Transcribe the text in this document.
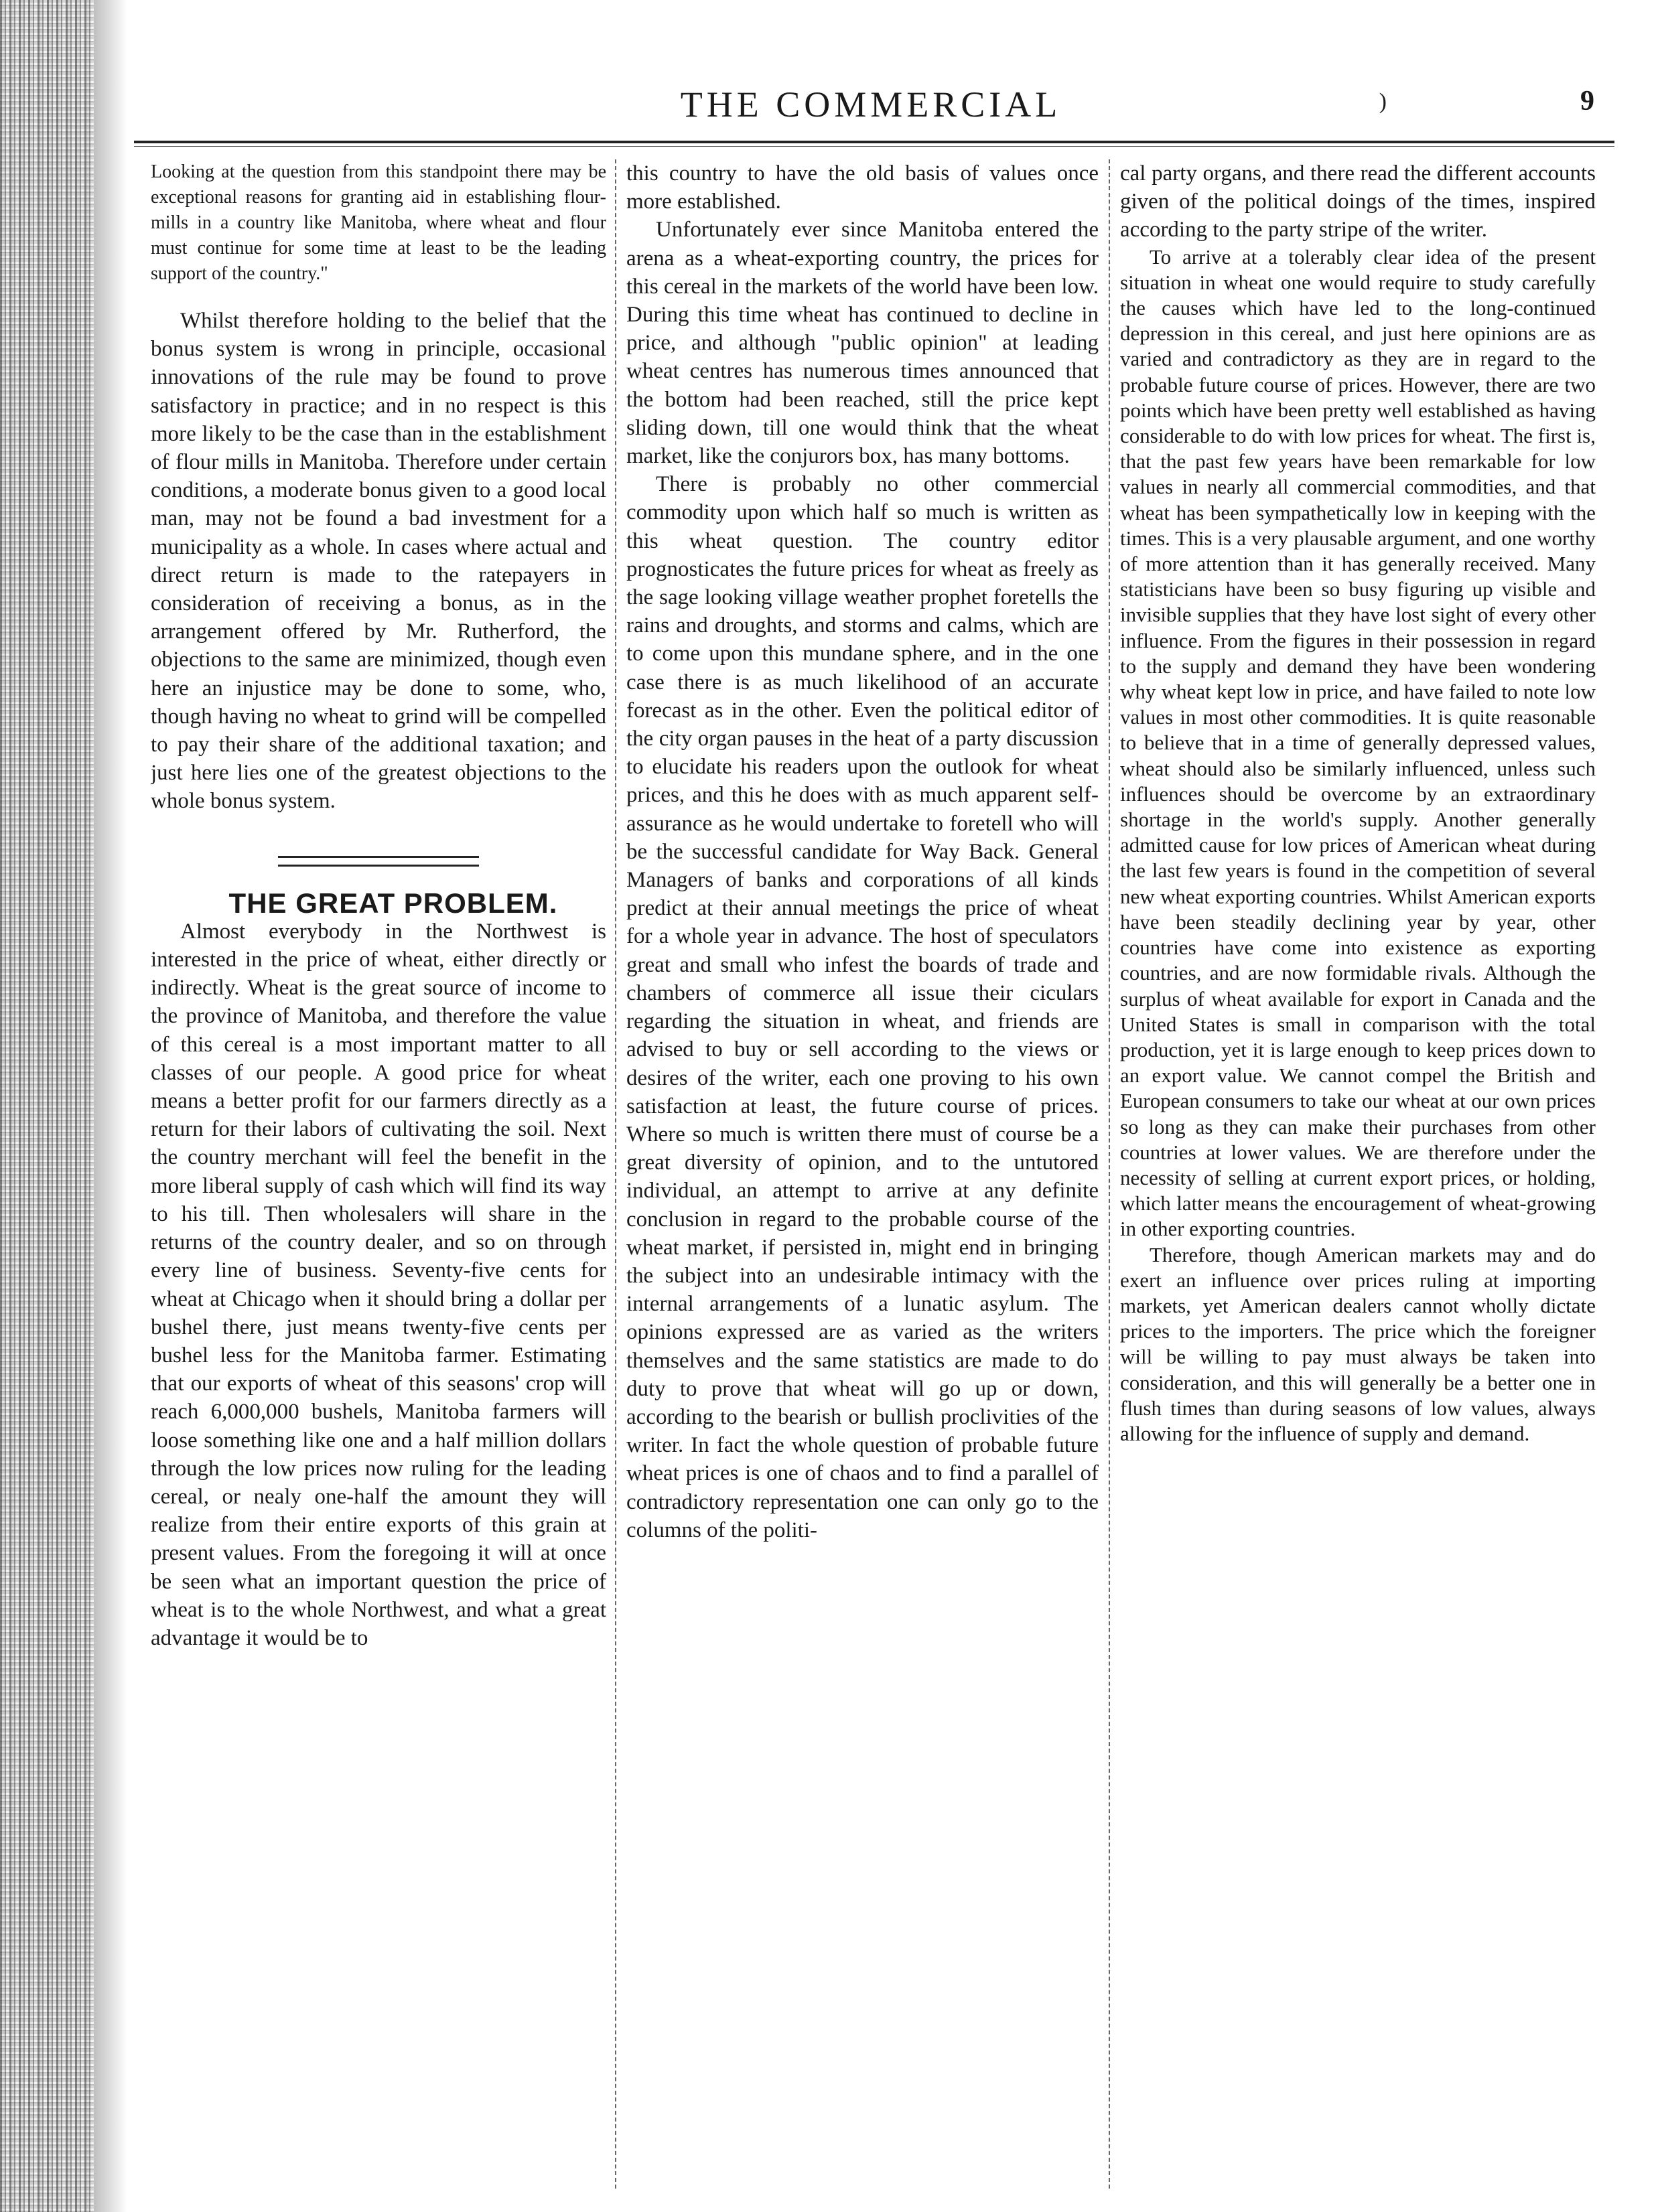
THE COMMERCIAL	)	9

Looking at the question from this standpoint there may be exceptional reasons for granting aid in establishing flour-mills in a country like Manitoba, where wheat and flour must continue for some time at least to be the leading support of the country."

Whilst therefore holding to the belief that the bonus system is wrong in principle, occasional innovations of the rule may be found to prove satisfactory in practice; and in no respect is this more likely to be the case than in the establishment of flour mills in Manitoba. Therefore under certain conditions, a moderate bonus given to a good local man, may not be found a bad investment for a municipality as a whole. In cases where actual and direct return is made to the ratepayers in consideration of receiving a bonus, as in the arrangement offered by Mr. Rutherford, the objections to the same are minimized, though even here an injustice may be done to some, who, though having no wheat to grind will be compelled to pay their share of the additional taxation; and just here lies one of the greatest objections to the whole bonus system.

THE GREAT PROBLEM.

Almost everybody in the Northwest is interested in the price of wheat, either directly or indirectly. Wheat is the great source of income to the province of Manitoba, and therefore the value of this cereal is a most important matter to all classes of our people. A good price for wheat means a better profit for our farmers directly as a return for their labors of cultivating the soil. Next the country merchant will feel the benefit in the more liberal supply of cash which will find its way to his till. Then wholesalers will share in the returns of the country dealer, and so on through every line of business. Seventy-five cents for wheat at Chicago when it should bring a dollar per bushel there, just means twenty-five cents per bushel less for the Manitoba farmer. Estimating that our exports of wheat of this seasons' crop will reach 6,000,000 bushels, Manitoba farmers will loose something like one and a half million dollars through the low prices now ruling for the leading cereal, or nealy one-half the amount they will realize from their entire exports of this grain at present values. From the foregoing it will at once be seen what an important question the price of wheat is to the whole Northwest, and what a great advantage it would be to

this country to have the old basis of values once more established.

Unfortunately ever since Manitoba entered the arena as a wheat-exporting country, the prices for this cereal in the markets of the world have been low. During this time wheat has continued to decline in price, and although "public opinion" at leading wheat centres has numerous times announced that the bottom had been reached, still the price kept sliding down, till one would think that the wheat market, like the conjurors box, has many bottoms.

There is probably no other commercial commodity upon which half so much is written as this wheat question. The country editor prognosticates the future prices for wheat as freely as the sage looking village weather prophet foretells the rains and droughts, and storms and calms, which are to come upon this mundane sphere, and in the one case there is as much likelihood of an accurate forecast as in the other. Even the political editor of the city organ pauses in the heat of a party discussion to elucidate his readers upon the outlook for wheat prices, and this he does with as much apparent self-assurance as he would undertake to foretell who will be the successful candidate for Way Back. General Managers of banks and corporations of all kinds predict at their annual meetings the price of wheat for a whole year in advance. The host of speculators great and small who infest the boards of trade and chambers of commerce all issue their ciculars regarding the situation in wheat, and friends are advised to buy or sell according to the views or desires of the writer, each one proving to his own satisfaction at least, the future course of prices. Where so much is written there must of course be a great diversity of opinion, and to the untutored individual, an attempt to arrive at any definite conclusion in regard to the probable course of the wheat market, if persisted in, might end in bringing the subject into an undesirable intimacy with the internal arrangements of a lunatic asylum. The opinions expressed are as varied as the writers themselves and the same statistics are made to do duty to prove that wheat will go up or down, according to the bearish or bullish proclivities of the writer. In fact the whole question of probable future wheat prices is one of chaos and to find a parallel of contradictory representation one can only go to the columns of the politi-

cal party organs, and there read the different accounts given of the political doings of the times, inspired according to the party stripe of the writer.

To arrive at a tolerably clear idea of the present situation in wheat one would require to study carefully the causes which have led to the long-continued depression in this cereal, and just here opinions are as varied and contradictory as they are in regard to the probable future course of prices. However, there are two points which have been pretty well established as having considerable to do with low prices for wheat. The first is, that the past few years have been remarkable for low values in nearly all commercial commodities, and that wheat has been sympathetically low in keeping with the times. This is a very plausable argument, and one worthy of more attention than it has generally received. Many statisticians have been so busy figuring up visible and invisible supplies that they have lost sight of every other influence. From the figures in their possession in regard to the supply and demand they have been wondering why wheat kept low in price, and have failed to note low values in most other commodities. It is quite reasonable to believe that in a time of generally depressed values, wheat should also be similarly influenced, unless such influences should be overcome by an extraordinary shortage in the world's supply. Another generally admitted cause for low prices of American wheat during the last few years is found in the competition of several new wheat exporting countries. Whilst American exports have been steadily declining year by year, other countries have come into existence as exporting countries, and are now formidable rivals. Although the surplus of wheat available for export in Canada and the United States is small in comparison with the total production, yet it is large enough to keep prices down to an export value. We cannot compel the British and European consumers to take our wheat at our own prices so long as they can make their purchases from other countries at lower values. We are therefore under the necessity of selling at current export prices, or holding, which latter means the encouragement of wheat-growing in other exporting countries.

Therefore, though American markets may and do exert an influence over prices ruling at importing markets, yet American dealers cannot wholly dictate prices to the importers. The price which the foreigner will be willing to pay must always be taken into consideration, and this will generally be a better one in flush times than during seasons of low values, always allowing for the influence of supply and demand.
